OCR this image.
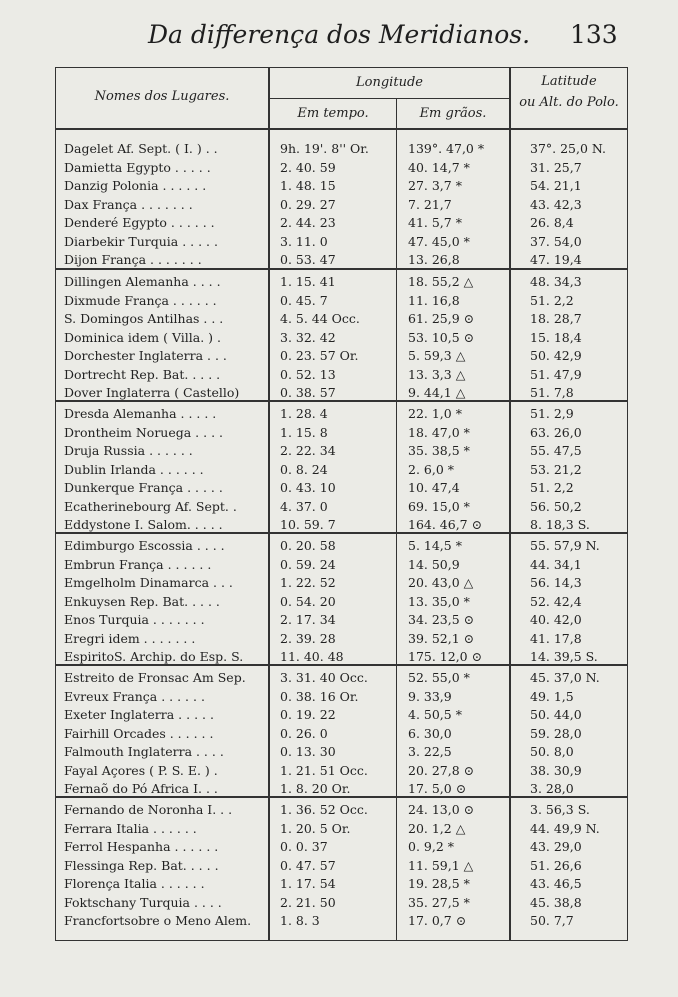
Da differença dos Meridianos.	133
Nomes dos Lugares.
Longitude
Em tempo.	Em grãos.
Latitude
ou Alt. do Polo.
Dagelet Af. Sept. ( I. ) . .	9h. 19'. 8'' Or.	139°. 47,0 *	37°. 25,0 N.
Damietta Egypto . . . . .	2. 40. 59	40. 14,7 *	31. 25,7
Danzig Polonia . . . . . .	1. 48. 15	27. 3,7 *	54. 21,1
Dax França . . . . . . .	0. 29. 27	7. 21,7	43. 42,3
Denderé Egypto . . . . . .	2. 44. 23	41. 5,7 *	26. 8,4
Diarbekir Turquia . . . . .	3. 11. 0	47. 45,0 *	37. 54,0
Dijon França . . . . . . .	0. 53. 47	13. 26,8	47. 19,4
Dillingen Alemanha . . . .	1. 15. 41	18. 55,2 △	48. 34,3
Dixmude França . . . . . .	0. 45. 7	11. 16,8	51. 2,2
S. Domingos Antilhas . . .	4. 5. 44 Occ.	61. 25,9 ⊙	18. 28,7
Dominica idem ( Villa. ) .	3. 32. 42	53. 10,5 ⊙	15. 18,4
Dorchester Inglaterra . . .	0. 23. 57 Or.	5. 59,3 △	50. 42,9
Dortrecht Rep. Bat. . . . .	0. 52. 13	13. 3,3 △	51. 47,9
Dover Inglaterra ( Castello)	0. 38. 57	9. 44,1 △	51. 7,8
Dresda Alemanha . . . . .	1. 28. 4	22. 1,0 *	51. 2,9
Drontheim Noruega . . . .	1. 15. 8	18. 47,0 *	63. 26,0
Druja Russia . . . . . .	2. 22. 34	35. 38,5 *	55. 47,5
Dublin Irlanda . . . . . .	0. 8. 24	2. 6,0 *	53. 21,2
Dunkerque França . . . . .	0. 43. 10	10. 47,4	51. 2,2
Ecatherinebourg Af. Sept. .	4. 37. 0	69. 15,0 *	56. 50,2
Eddystone I. Salom. . . . .	10. 59. 7	164. 46,7 ⊙	8. 18,3 S.
Edimburgo Escossia . . . .	0. 20. 58	5. 14,5 *	55. 57,9 N.
Embrun França . . . . . .	0. 59. 24	14. 50,9	44. 34,1
Emgelholm Dinamarca . . .	1. 22. 52	20. 43,0 △	56. 14,3
Enkuysen Rep. Bat. . . . .	0. 54. 20	13. 35,0 *	52. 42,4
Enos Turquia . . . . . . .	2. 17. 34	34. 23,5 ⊙	40. 42,0
Eregri idem . . . . . . .	2. 39. 28	39. 52,1 ⊙	41. 17,8
EspiritoS. Archip. do Esp. S.	11. 40. 48	175. 12,0 ⊙	14. 39,5 S.
Estreito de Fronsac Am Sep.	3. 31. 40 Occ.	52. 55,0 *	45. 37,0 N.
Evreux França . . . . . .	0. 38. 16 Or.	9. 33,9	49. 1,5
Exeter Inglaterra . . . . .	0. 19. 22	4. 50,5 *	50. 44,0
Fairhill Orcades . . . . . .	0. 26. 0	6. 30,0	59. 28,0
Falmouth Inglaterra . . . .	0. 13. 30	3. 22,5	50. 8,0
Fayal Açores ( P. S. E. ) .	1. 21. 51 Occ.	20. 27,8 ⊙	38. 30,9
Fernaõ do Pó Africa I. . .	1. 8. 20 Or.	17. 5,0 ⊙	3. 28,0
Fernando de Noronha I. . .	1. 36. 52 Occ.	24. 13,0 ⊙	3. 56,3 S.
Ferrara Italia . . . . . .	1. 20. 5 Or.	20. 1,2 △	44. 49,9 N.
Ferrol Hespanha . . . . . .	0. 0. 37	0. 9,2 *	43. 29,0
Flessinga Rep. Bat. . . . .	0. 47. 57	11. 59,1 △	51. 26,6
Florença Italia . . . . . .	1. 17. 54	19. 28,5 *	43. 46,5
Foktschany Turquia . . . .	2. 21. 50	35. 27,5 *	45. 38,8
Francfortsobre o Meno Alem.	1. 8. 3	17. 0,7 ⊙	50. 7,7
